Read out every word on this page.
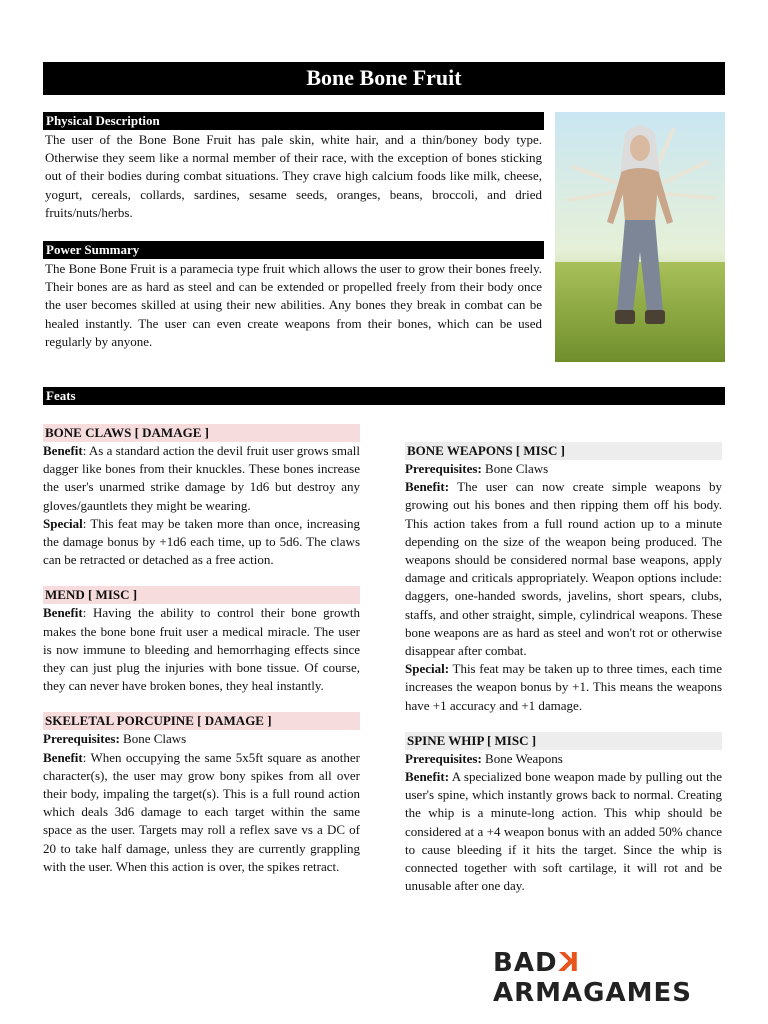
Bone Bone Fruit
Physical Description

The user of the Bone Bone Fruit has pale skin, white hair, and a thin/boney body type. Otherwise they seem like a normal member of their race, with the exception of bones sticking out of their bodies during combat situations. They crave high calcium foods like milk, cheese, yogurt, cereals, collards, sardines, sesame seeds, oranges, beans, broccoli, and dried fruits/nuts/herbs.

Power Summary

The Bone Bone Fruit is a paramecia type fruit which allows the user to grow their bones freely. Their bones are as hard as steel and can be extended or propelled freely from their body once the user becomes skilled at using their new abilities. Any bones they break in combat can be healed instantly. The user can even create weapons from their bones, which can be used regularly by anyone.

Feats
BONE CLAWS [ DAMAGE ]

Benefit: As a standard action the devil fruit user grows small dagger like bones from their knuckles. These bones increase the user's unarmed strike damage by 1d6 but destroy any gloves/gauntlets they might be wearing.

Special: This feat may be taken more than once, increasing the damage bonus by +1d6 each time, up to 5d6. The claws can be retracted or detached as a free action.

MEND [ MISC ]

Benefit: Having the ability to control their bone growth makes the bone bone fruit user a medical miracle. The user is now immune to bleeding and hemorrhaging effects since they can just plug the injuries with bone tissue. Of course, they can never have broken bones, they heal instantly.

SKELETAL PORCUPINE [ DAMAGE ]

Prerequisites: Bone Claws

Benefit: When occupying the same 5x5ft square as another character(s), the user may grow bony spikes from all over their body, impaling the target(s). This is a full round action which deals 3d6 damage to each target within the same space as the user. Targets may roll a reflex save vs a DC of 20 to take half damage, unless they are currently grappling with the user. When this action is over, the spikes retract.

BONE WEAPONS [ MISC ]

Prerequisites: Bone Claws

Benefit: The user can now create simple weapons by growing out his bones and then ripping them off his body. This action takes from a full round action up to a minute depending on the size of the weapon being produced. The weapons should be considered normal base weapons, apply damage and criticals appropriately. Weapon options include: daggers, one-handed swords, javelins, short spears, clubs, staffs, and other straight, simple, cylindrical weapons. These bone weapons are as hard as steel and won't rot or otherwise disappear after combat.

Special: This feat may be taken up to three times, each time increases the weapon bonus by +1. This means the weapons have +1 accuracy and +1 damage.

SPINE WHIP [ MISC ]

Prerequisites: Bone Weapons

Benefit: A specialized bone weapon made by pulling out the user's spine, which instantly grows back to normal. Creating the whip is a minute-long action. This whip should be considered at a +4 weapon bonus with an added 50% chance to cause bleeding if it hits the target. Since the whip is connected together with soft cartilage, it will rot and be unusable after one day.

BADKARMAGAMES
